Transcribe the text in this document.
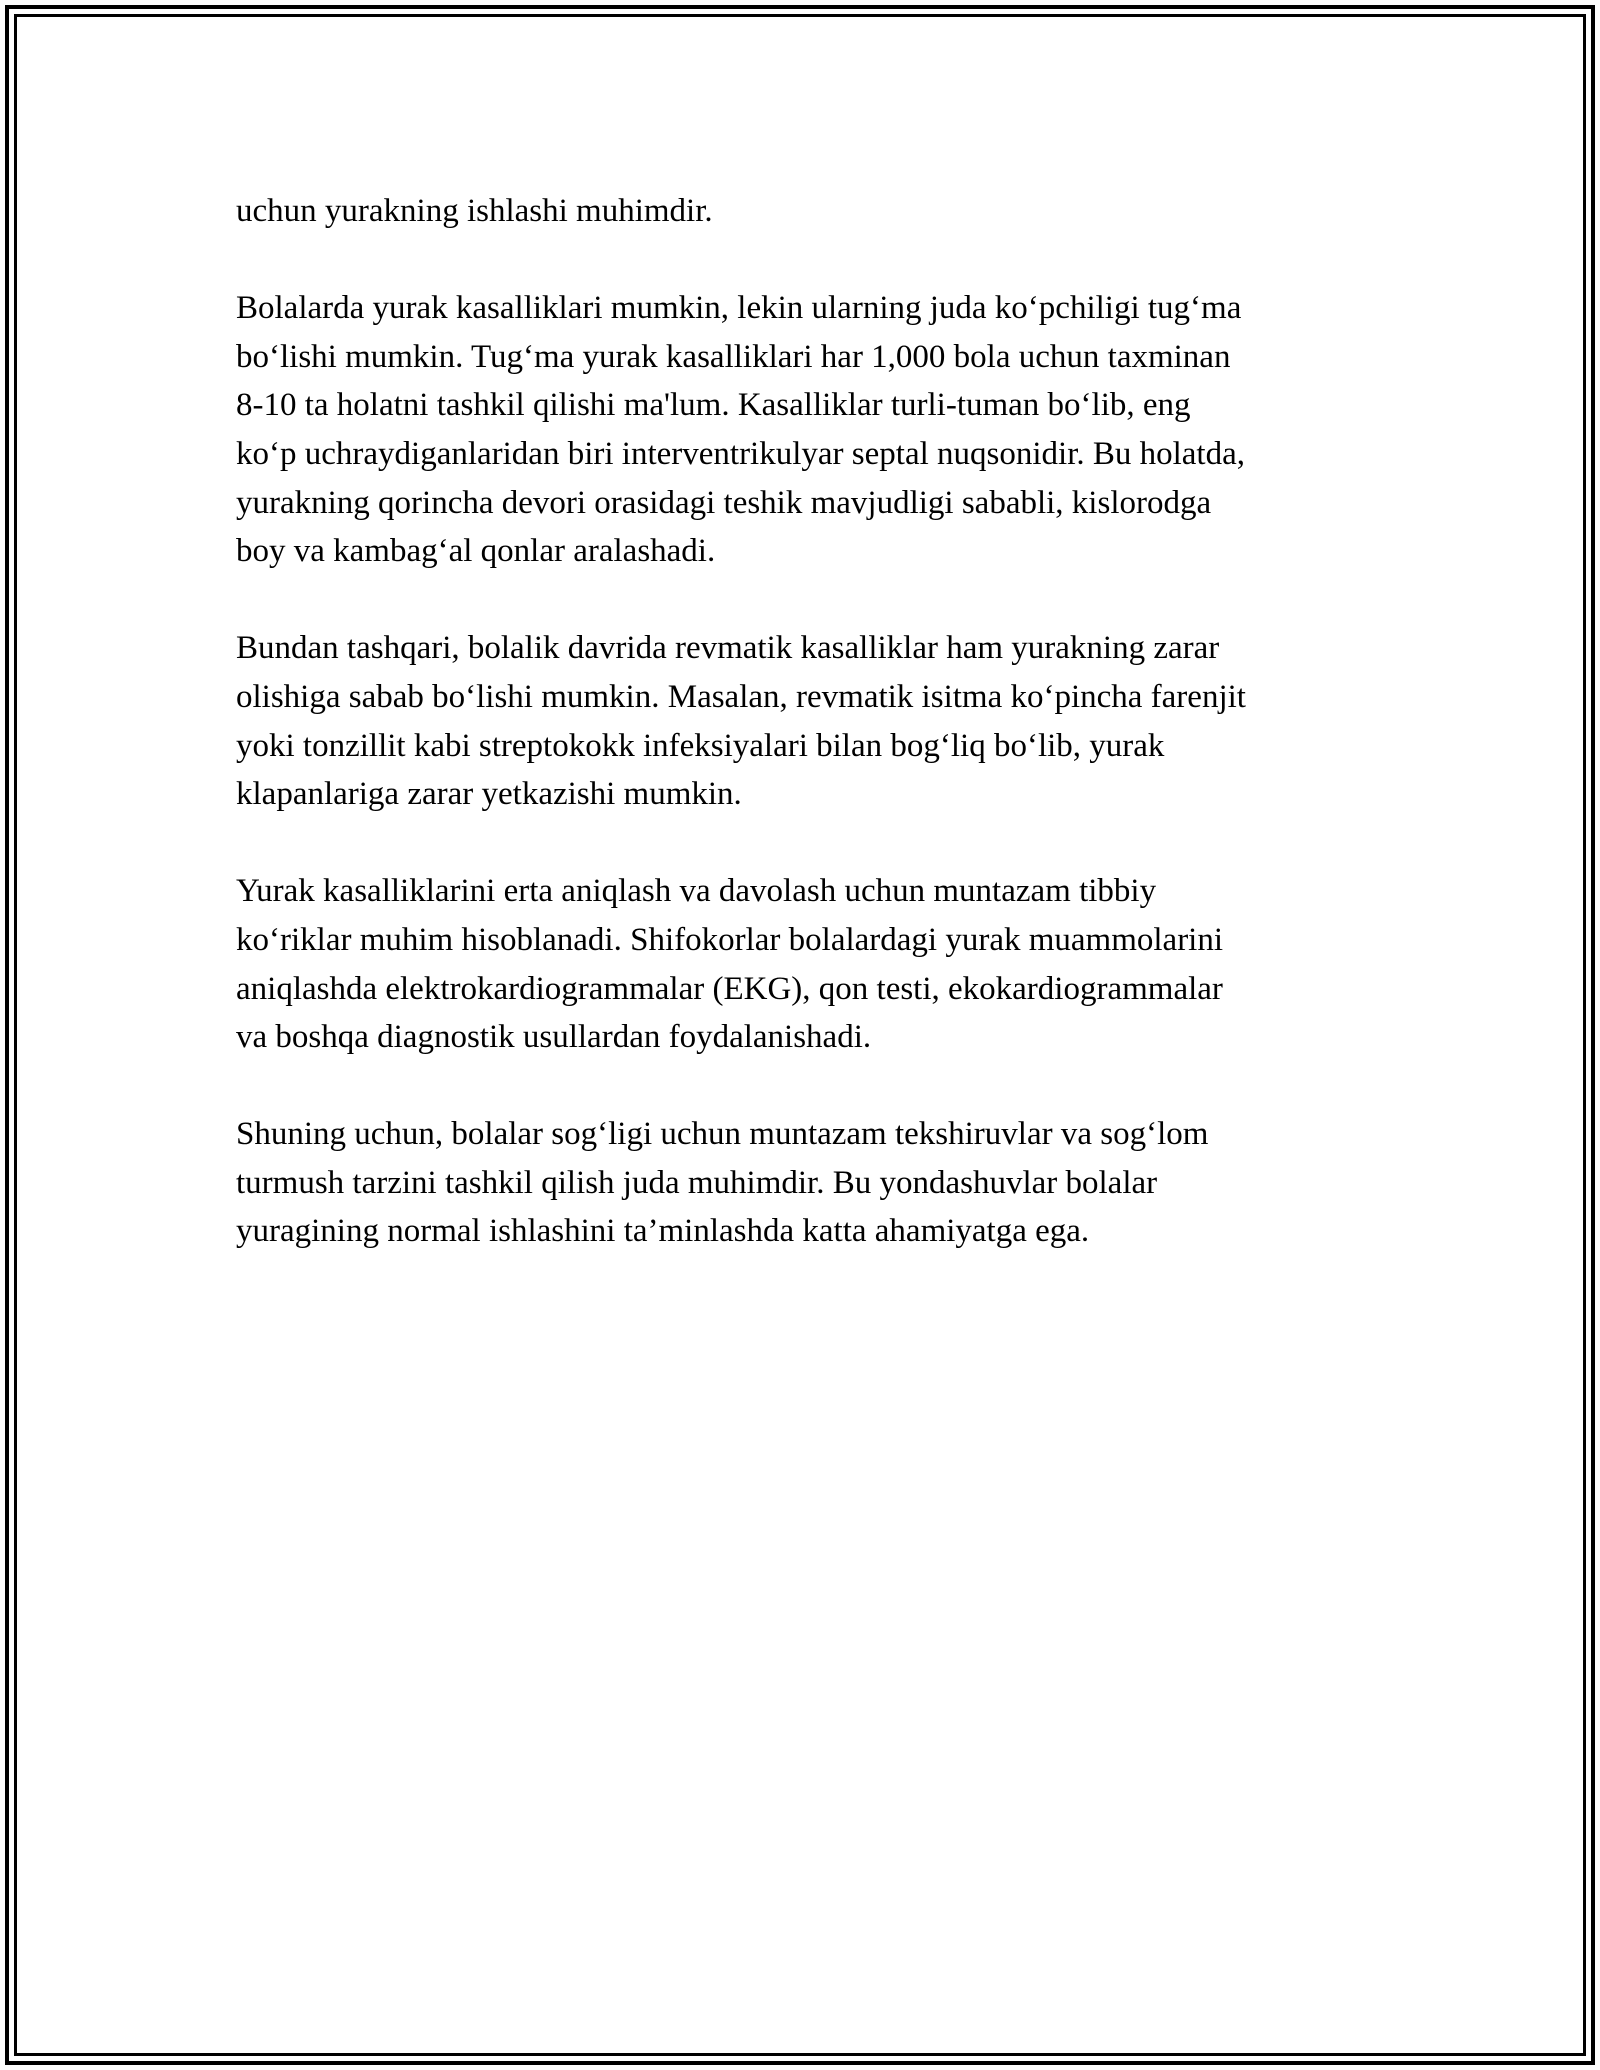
uchun yurakning ishlashi muhimdir.

Bolalarda yurak kasalliklari mumkin, lekin ularning juda ko‘pchiligi tug‘ma
bo‘lishi mumkin. Tug‘ma yurak kasalliklari har 1,000 bola uchun taxminan
8-10 ta holatni tashkil qilishi ma'lum. Kasalliklar turli-tuman bo‘lib, eng
ko‘p uchraydiganlaridan biri interventrikulyar septal nuqsonidir. Bu holatda,
yurakning qorincha devori orasidagi teshik mavjudligi sababli, kislorodga
boy va kambag‘al qonlar aralashadi.

Bundan tashqari, bolalik davrida revmatik kasalliklar ham yurakning zarar
olishiga sabab bo‘lishi mumkin. Masalan, revmatik isitma ko‘pincha farenjit
yoki tonzillit kabi streptokokk infeksiyalari bilan bog‘liq bo‘lib, yurak
klapanlariga zarar yetkazishi mumkin.

Yurak kasalliklarini erta aniqlash va davolash uchun muntazam tibbiy
ko‘riklar muhim hisoblanadi. Shifokorlar bolalardagi yurak muammolarini
aniqlashda elektrokardiogrammalar (EKG), qon testi, ekokardiogrammalar
va boshqa diagnostik usullardan foydalanishadi.

Shuning uchun, bolalar sog‘ligi uchun muntazam tekshiruvlar va sog‘lom
turmush tarzini tashkil qilish juda muhimdir. Bu yondashuvlar bolalar
yuragining normal ishlashini ta’minlashda katta ahamiyatga ega.
